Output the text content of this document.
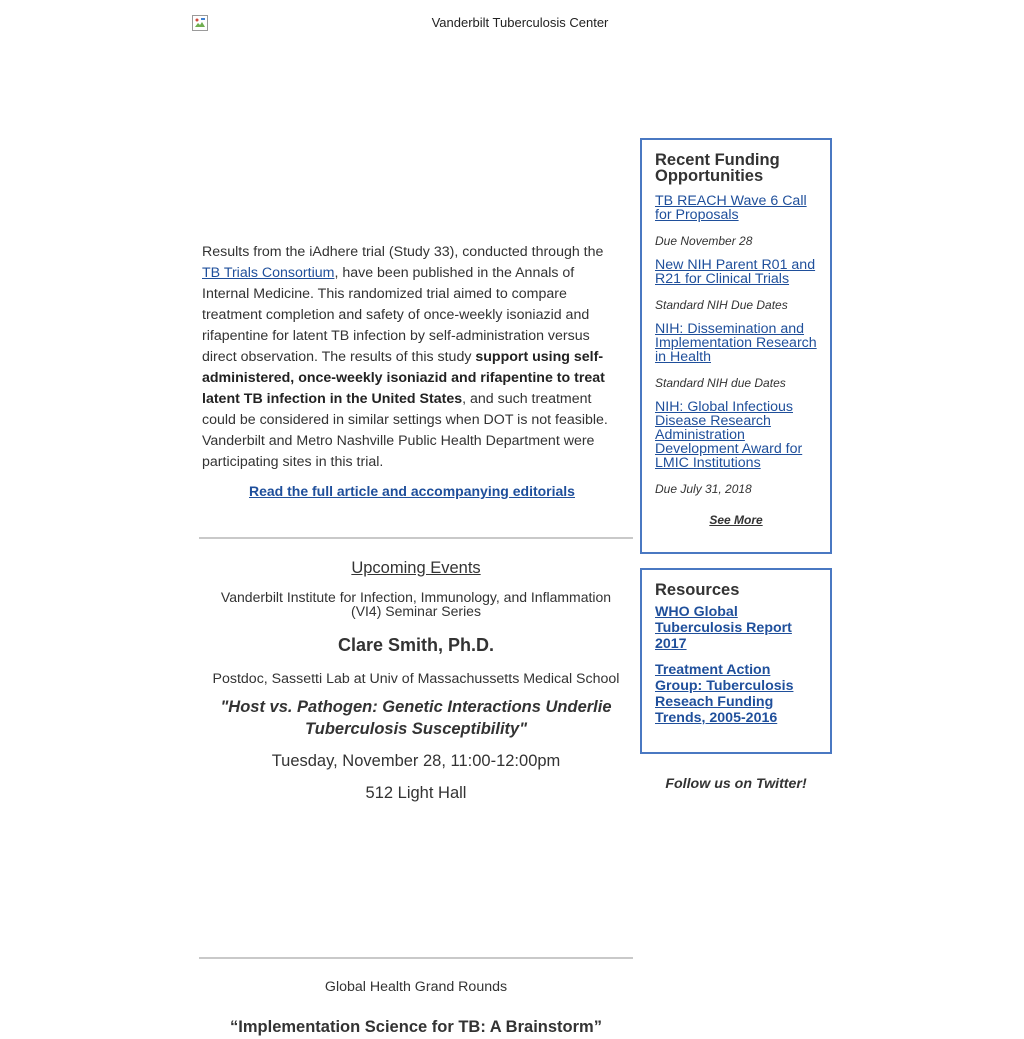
Vanderbilt Tuberculosis Center

Results from the iAdhere trial (Study 33), conducted through the TB Trials Consortium, have been published in the Annals of Internal Medicine. This randomized trial aimed to compare treatment completion and safety of once-weekly isoniazid and rifapentine for latent TB infection by self-administration versus direct observation. The results of this study support using self-administered, once-weekly isoniazid and rifapentine to treat latent TB infection in the United States, and such treatment could be considered in similar settings when DOT is not feasible. Vanderbilt and Metro Nashville Public Health Department were participating sites in this trial.

Read the full article and accompanying editorials
Upcoming Events
Vanderbilt Institute for Infection, Immunology, and Inflammation (VI4) Seminar Series
Clare Smith, Ph.D.
Postdoc, Sassetti Lab at Univ of Massachussetts Medical School
"Host vs. Pathogen: Genetic Interactions Underlie Tuberculosis Susceptibility"
Tuesday, November 28, 11:00-12:00pm
512 Light Hall
Global Health Grand Rounds
“Implementation Science for TB: A Brainstorm”
Recent Funding Opportunities
TB REACH Wave 6 Call for Proposals
Due November 28
New NIH Parent R01 and R21 for Clinical Trials
Standard NIH Due Dates
NIH: Dissemination and Implementation Research in Health
Standard NIH due Dates
NIH: Global Infectious Disease Research Administration Development Award for LMIC Institutions
Due July 31, 2018
See More
Resources
WHO Global Tuberculosis Report 2017
Treatment Action Group: Tuberculosis Reseach Funding Trends, 2005-2016
Follow us on Twitter!
